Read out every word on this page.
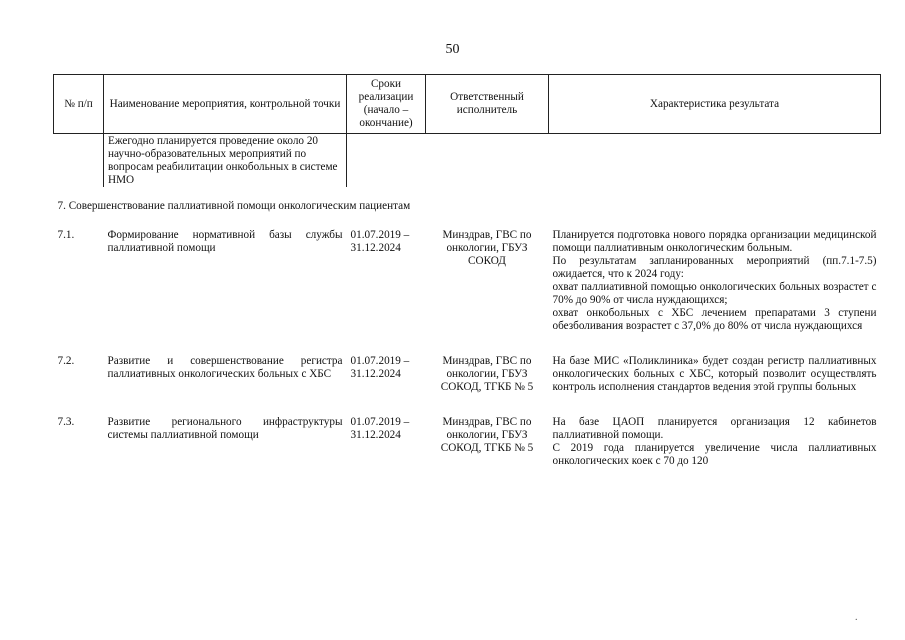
50
№ п/п	Наименование мероприятия, контрольной точки	Сроки реализации (начало – окончание)	Ответственный исполнитель	Характеристика результата
	Ежегодно планируется проведение около 20 научно-образовательных мероприятий по вопросам реабилитации онкобольных в системе НМО			
7. Совершенствование паллиативной помощи онкологическим пациентам				
7.1.	Формирование нормативной базы службы паллиативной помощи	01.07.2019 – 31.12.2024	Минздрав, ГВС по онкологии, ГБУЗ СОКОД	Планируется подготовка нового порядка организации медицинской помощи паллиативным онкологическим больным.
По результатам запланированных мероприятий (пп.7.1-7.5) ожидается, что к 2024 году:
охват паллиативной помощью онкологических больных возрастет с 70% до 90% от числа нуждающихся;
охват онкобольных с ХБС лечением препаратами 3 ступени обезболивания возрастет с 37,0% до 80% от числа нуждающихся

7.2.	Развитие и совершенствование регистра паллиативных онкологических больных с ХБС	01.07.2019 – 31.12.2024	Минздрав, ГВС по онкологии, ГБУЗ СОКОД, ТГКБ № 5	На базе МИС «Поликлиника» будет создан регистр паллиативных онкологических больных с ХБС, который позволит осуществлять контроль исполнения стандартов ведения этой группы больных

7.3.	Развитие регионального инфраструктуры системы паллиативной помощи	01.07.2019 – 31.12.2024	Минздрав, ГВС по онкологии, ГБУЗ СОКОД, ТГКБ № 5	На базе ЦАОП планируется организация 12 кабинетов паллиативной помощи.
С 2019 года планируется увеличение числа паллиативных онкологических коек с 70 до 120
.
